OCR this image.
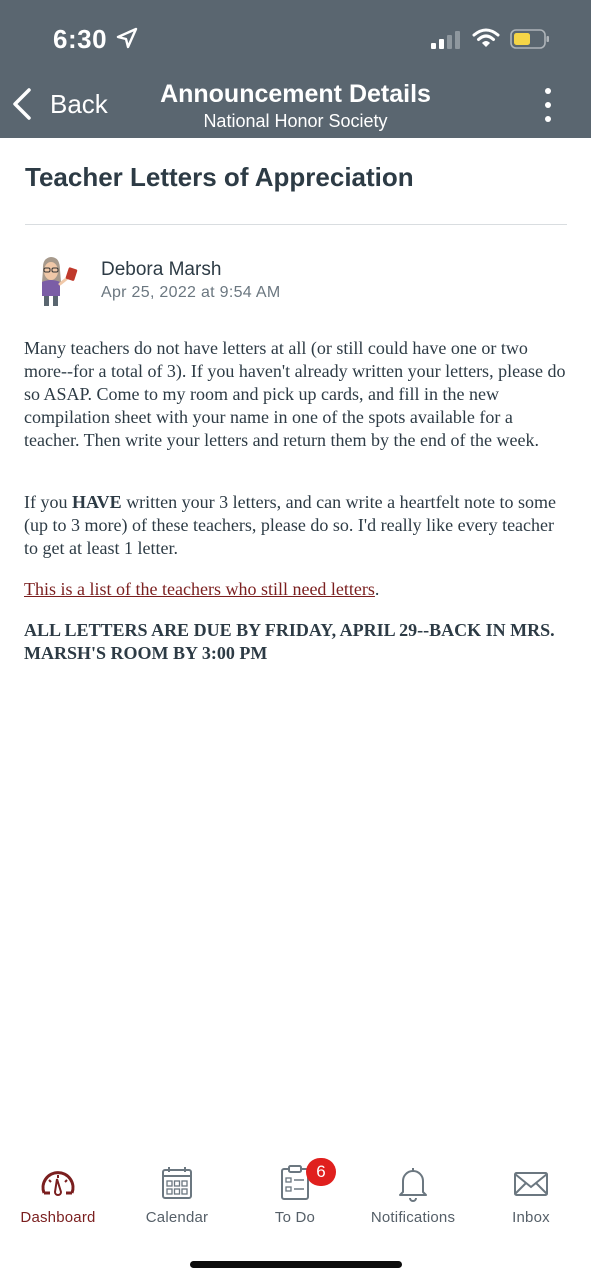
6:30
Back	Announcement Details
National Honor Society
Teacher Letters of Appreciation
Debora Marsh
Apr 25, 2022 at 9:54 AM

Many teachers do not have letters at all (or still could have one or two more--for a total of 3). If you haven't already written your letters, please do so ASAP. Come to my room and pick up cards, and fill in the new compilation sheet with your name in one of the spots available for a teacher. Then write your letters and return them by the end of the week.

If you HAVE written your 3 letters, and can write a heartfelt note to some (up to 3 more) of these teachers, please do so. I'd really like every teacher to get at least 1 letter.

This is a list of the teachers who still need letters.

ALL LETTERS ARE DUE BY FRIDAY, APRIL 29--BACK IN MRS. MARSH'S ROOM BY 3:00 PM

Dashboard	Calendar	To Do	Notifications	Inbox
6
